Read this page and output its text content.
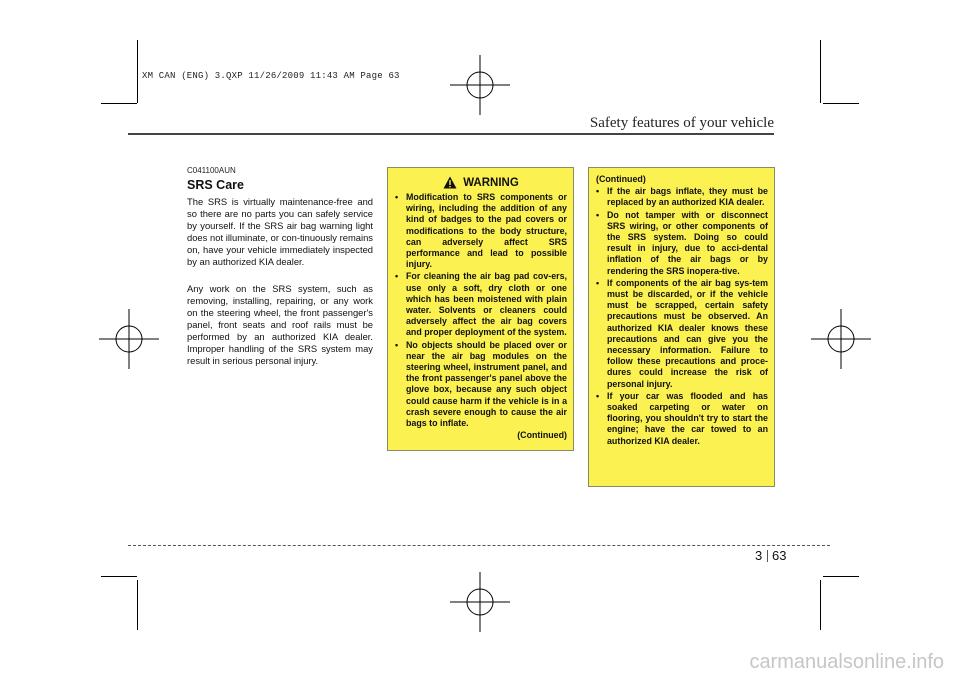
XM CAN (ENG) 3.QXP 11/26/2009 11:43 AM Page 63
Safety features of your vehicle
C041100AUN
SRS Care

The SRS is virtually maintenance-free and so there are no parts you can safely service by yourself. If the SRS air bag warning light does not illuminate, or con-tinuously remains on, have your vehicle immediately inspected by an authorized KIA dealer.

Any work on the SRS system, such as removing, installing, repairing, or any work on the steering wheel, the front passenger's panel, front seats and roof rails must be performed by an authorized KIA dealer. Improper handling of the SRS system may result in serious personal injury.

WARNING
• Modification to SRS components or wiring, including the addition of any kind of badges to the pad covers or modifications to the body structure, can adversely affect SRS performance and lead to possible injury.
• For cleaning the air bag pad cov-ers, use only a soft, dry cloth or one which has been moistened with plain water. Solvents or cleaners could adversely affect the air bag covers and proper deployment of the system.
• No objects should be placed over or near the air bag modules on the steering wheel, instrument panel, and the front passenger's panel above the glove box, because any such object could cause harm if the vehicle is in a crash severe enough to cause the air bags to inflate.
(Continued)
(Continued)
• If the air bags inflate, they must be replaced by an authorized KIA dealer.
• Do not tamper with or disconnect SRS wiring, or other components of the SRS system. Doing so could result in injury, due to acci-dental inflation of the air bags or by rendering the SRS inopera-tive.
• If components of the air bag sys-tem must be discarded, or if the vehicle must be scrapped, certain safety precautions must be observed. An authorized KIA dealer knows these precautions and can give you the necessary information. Failure to follow these precautions and proce-dures could increase the risk of personal injury.
• If your car was flooded and has soaked carpeting or water on flooring, you shouldn't try to start the engine; have the car towed to an authorized KIA dealer.
3 63
carmanualsonline.info
